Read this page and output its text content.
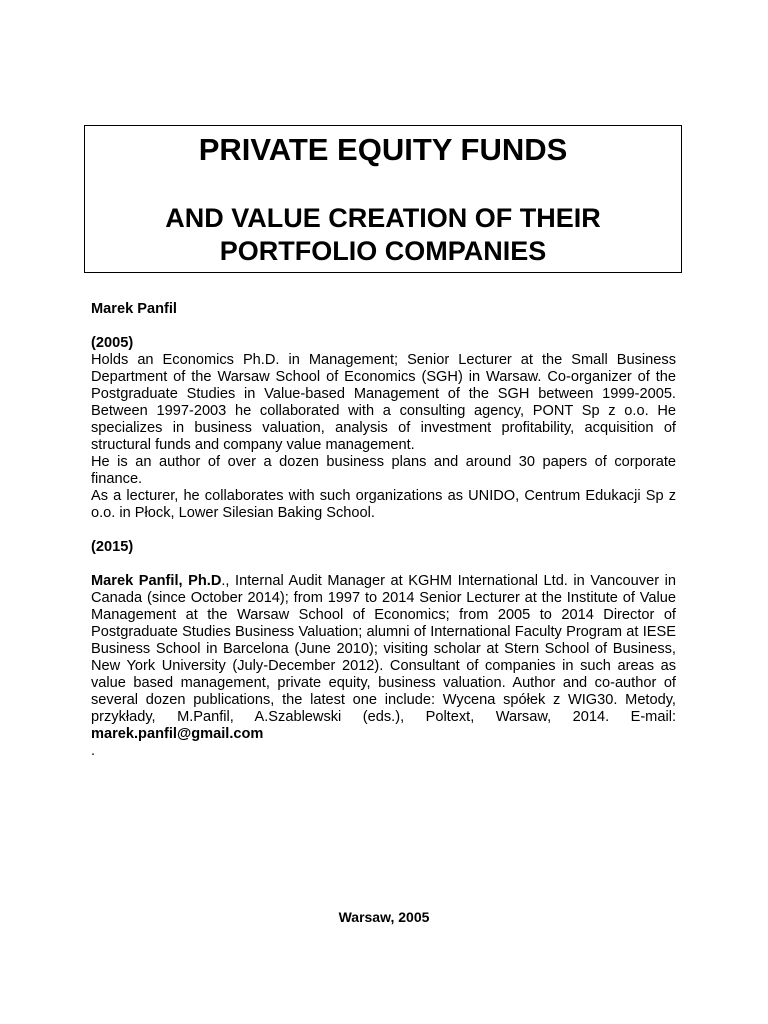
PRIVATE EQUITY FUNDS

AND VALUE CREATION OF THEIR
PORTFOLIO COMPANIES

Marek Panfil

(2005)

Holds an Economics Ph.D. in Management; Senior Lecturer at the Small Business Department of the Warsaw School of Economics (SGH) in Warsaw. Co-organizer of the Postgraduate Studies in Value-based Management of the SGH between 1999-2005. Between 1997-2003 he collaborated with a consulting agency, PONT Sp z o.o. He specializes in business valuation, analysis of investment profitability, acquisition of structural funds and company value management.

He is an author of over a dozen business plans and around 30 papers of corporate finance.

As a lecturer, he collaborates with such organizations as UNIDO, Centrum Edukacji Sp z o.o. in Płock, Lower Silesian Baking School.

(2015)

Marek Panfil, Ph.D., Internal Audit Manager at KGHM International Ltd. in Vancouver in Canada (since October 2014); from 1997 to 2014 Senior Lecturer at the Institute of Value Management at the Warsaw School of Economics; from 2005 to 2014 Director of Postgraduate Studies Business Valuation; alumni of International Faculty Program at IESE Business School in Barcelona (June 2010); visiting scholar at Stern School of Business, New York University (July-December 2012). Consultant of companies in such areas as value based management, private equity, business valuation. Author and co-author of several dozen publications, the latest one include: Wycena spółek z WIG30. Metody, przykłady, M.Panfil, A.Szablewski (eds.), Poltext, Warsaw, 2014. E-mail: marek.panfil@gmail.com

.

Warsaw, 2005
